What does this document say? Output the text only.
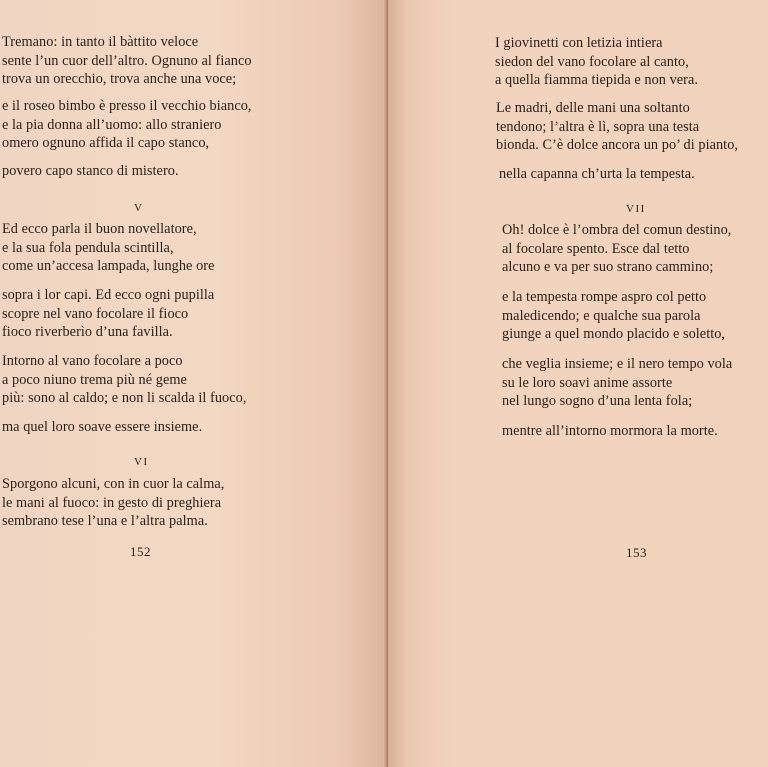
Tremano: in tanto il bàttito veloce
sente l’un cuor dell’altro. Ognuno al fianco
trova un orecchio, trova anche una voce;
e il roseo bimbo è presso il vecchio bianco,
e la pia donna all’uomo: allo straniero
omero ognuno affida il capo stanco,
povero capo stanco di mistero.
V
Ed ecco parla il buon novellatore,
e la sua fola pendula scintilla,
come un’accesa lampada, lunghe ore
sopra i lor capi. Ed ecco ogni pupilla
scopre nel vano focolare il fioco
fioco riverberìo d’una favilla.
Intorno al vano focolare a poco
a poco niuno trema più né geme
più: sono al caldo; e non li scalda il fuoco,
ma quel loro soave essere insieme.
VI
Sporgono alcuni, con in cuor la calma,
le mani al fuoco: in gesto di preghiera
sembrano tese l’una e l’altra palma.
152
I giovinetti con letizia intiera
siedon del vano focolare al canto,
a quella fiamma tiepida e non vera.
Le madri, delle mani una soltanto
tendono; l’altra è lì, sopra una testa
bionda. C’è dolce ancora un po’ di pianto,
nella capanna ch’urta la tempesta.
VII
Oh! dolce è l’ombra del comun destino,
al focolare spento. Esce dal tetto
alcuno e va per suo strano cammino;
e la tempesta rompe aspro col petto
maledicendo; e qualche sua parola
giunge a quel mondo placido e soletto,
che veglia insieme; e il nero tempo vola
su le loro soavi anime assorte
nel lungo sogno d’una lenta fola;
mentre all’intorno mormora la morte.
153
